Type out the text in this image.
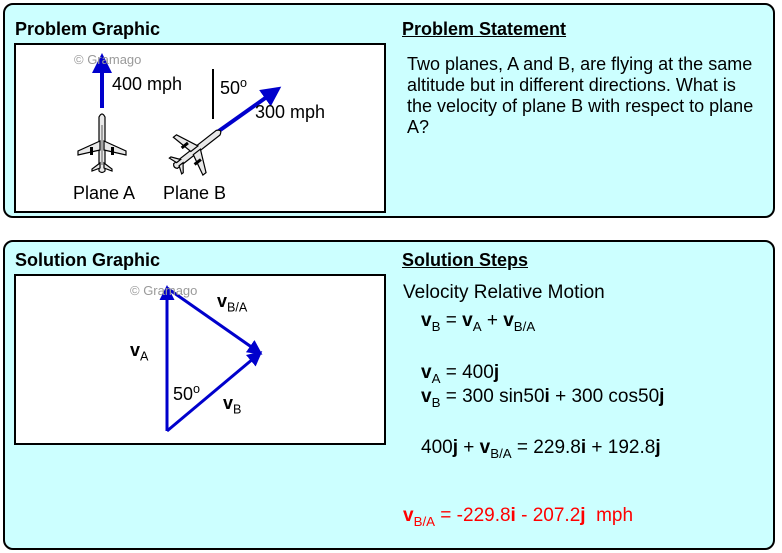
Problem Graphic	Problem Statement
© Gramago
400 mph 50$^o$
300 mph
Plane A Plane B
Two planes, A and B, are flying at the same altitude but in different directions. What is the velocity of plane B with respect to plane A?
Solution Graphic	Solution Steps
© Gramago
$v_{B/A}$
$v_A$
50$^o$
$v_B$
Velocity Relative Motion
$v_B = v_A + v_{B/A}$
$v_A = 400j$
$v_B = 300$ sin50i + 300 cos50j
$400j + v_{B/A} = 229.8i + 192.8j$
$v_{B/A} = -229.8i - 207.2j$  mph
